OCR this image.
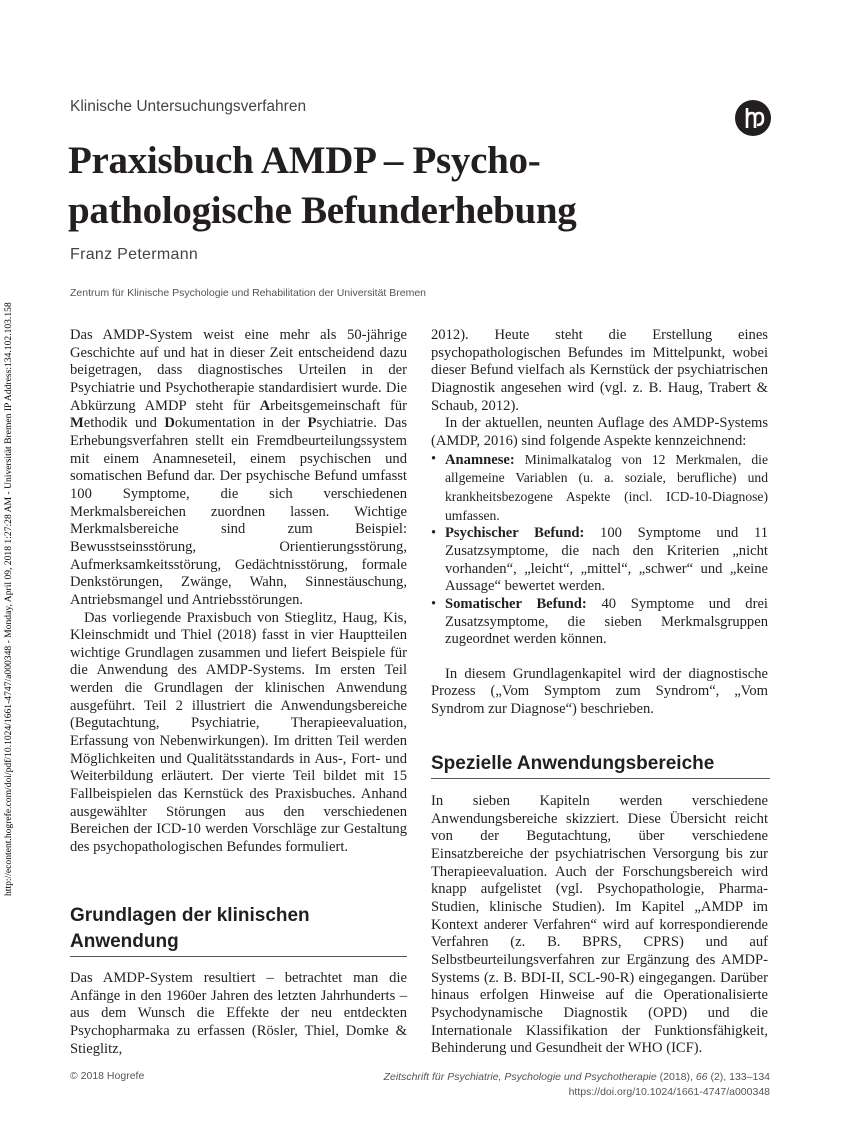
http://econtent.hogrefe.com/doi/pdf/10.1024/1661-4747/a000348 - Monday, April 09, 2018 1:27:28 AM - Universität Bremen IP Address:134.102.103.158
Klinische Untersuchungsverfahren
Praxisbuch AMDP – Psychopathologische Befunderhebung
Franz Petermann
Zentrum für Klinische Psychologie und Rehabilitation der Universität Bremen

Das AMDP-System weist eine mehr als 50-jährige Geschichte auf und hat in dieser Zeit entscheidend dazu beigetragen, dass diagnostisches Urteilen in der Psychiatrie und Psychotherapie standardisiert wurde. Die Abkürzung AMDP steht für Arbeitsgemeinschaft für Methodik und Dokumentation in der Psychiatrie. Das Erhebungsverfahren stellt ein Fremdbeurteilungssystem mit einem Anamneseteil, einem psychischen und somatischen Befund dar. Der psychische Befund umfasst 100 Symptome, die sich verschiedenen Merkmalsbereichen zuordnen lassen. Wichtige Merkmalsbereiche sind zum Beispiel: Bewusstseinsstörung, Orientierungsstörung, Aufmerksamkeitsstörung, Gedächtnisstörung, formale Denkstörungen, Zwänge, Wahn, Sinnestäuschung, Antriebsmangel und Antriebsstörungen.

Das vorliegende Praxisbuch von Stieglitz, Haug, Kis, Kleinschmidt und Thiel (2018) fasst in vier Hauptteilen wichtige Grundlagen zusammen und liefert Beispiele für die Anwendung des AMDP-Systems. Im ersten Teil werden die Grundlagen der klinischen Anwendung ausgeführt. Teil 2 illustriert die Anwendungsbereiche (Begutachtung, Psychiatrie, Therapieevaluation, Erfassung von Nebenwirkungen). Im dritten Teil werden Möglichkeiten und Qualitätsstandards in Aus-, Fort- und Weiterbildung erläutert. Der vierte Teil bildet mit 15 Fallbeispielen das Kernstück des Praxisbuches. Anhand ausgewählter Störungen aus den verschiedenen Bereichen der ICD-10 werden Vorschläge zur Gestaltung des psychopathologischen Befundes formuliert.

Grundlagen der klinischen Anwendung

Das AMDP-System resultiert – betrachtet man die Anfänge in den 1960er Jahren des letzten Jahrhunderts – aus dem Wunsch die Effekte der neu entdeckten Psychopharmaka zu erfassen (Rösler, Thiel, Domke & Stieglitz,

2012). Heute steht die Erstellung eines psychopathologischen Befundes im Mittelpunkt, wobei dieser Befund vielfach als Kernstück der psychiatrischen Diagnostik angesehen wird (vgl. z. B. Haug, Trabert & Schaub, 2012).

In der aktuellen, neunten Auflage des AMDP-Systems (AMDP, 2016) sind folgende Aspekte kennzeichnend:

• Anamnese: Minimalkatalog von 12 Merkmalen, die allgemeine Variablen (u. a. soziale, berufliche) und krankheitsbezogene Aspekte (incl. ICD-10-Diagnose) umfassen.
• Psychischer Befund: 100 Symptome und 11 Zusatzsymptome, die nach den Kriterien „nicht vorhanden“, „leicht“, „mittel“, „schwer“ und „keine Aussage“ bewertet werden.
• Somatischer Befund: 40 Symptome und drei Zusatzsymptome, die sieben Merkmalsgruppen zugeordnet werden können.

In diesem Grundlagenkapitel wird der diagnostische Prozess („Vom Symptom zum Syndrom“, „Vom Syndrom zur Diagnose“) beschrieben.

Spezielle Anwendungsbereiche

In sieben Kapiteln werden verschiedene Anwendungsbereiche skizziert. Diese Übersicht reicht von der Begutachtung, über verschiedene Einsatzbereiche der psychiatrischen Versorgung bis zur Therapieevaluation. Auch der Forschungsbereich wird knapp aufgelistet (vgl. Psychopathologie, Pharma-Studien, klinische Studien). Im Kapitel „AMDP im Kontext anderer Verfahren“ wird auf korrespondierende Verfahren (z. B. BPRS, CPRS) und auf Selbstbeurteilungsverfahren zur Ergänzung des AMDP-Systems (z. B. BDI-II, SCL-90-R) eingegangen. Darüber hinaus erfolgen Hinweise auf die Operationalisierte Psychodynamische Diagnostik (OPD) und die Internationale Klassifikation der Funktionsfähigkeit, Behinderung und Gesundheit der WHO (ICF).

© 2018 Hogrefe	Zeitschrift für Psychiatrie, Psychologie und Psychotherapie (2018), 66 (2), 133–134
https://doi.org/10.1024/1661-4747/a000348
